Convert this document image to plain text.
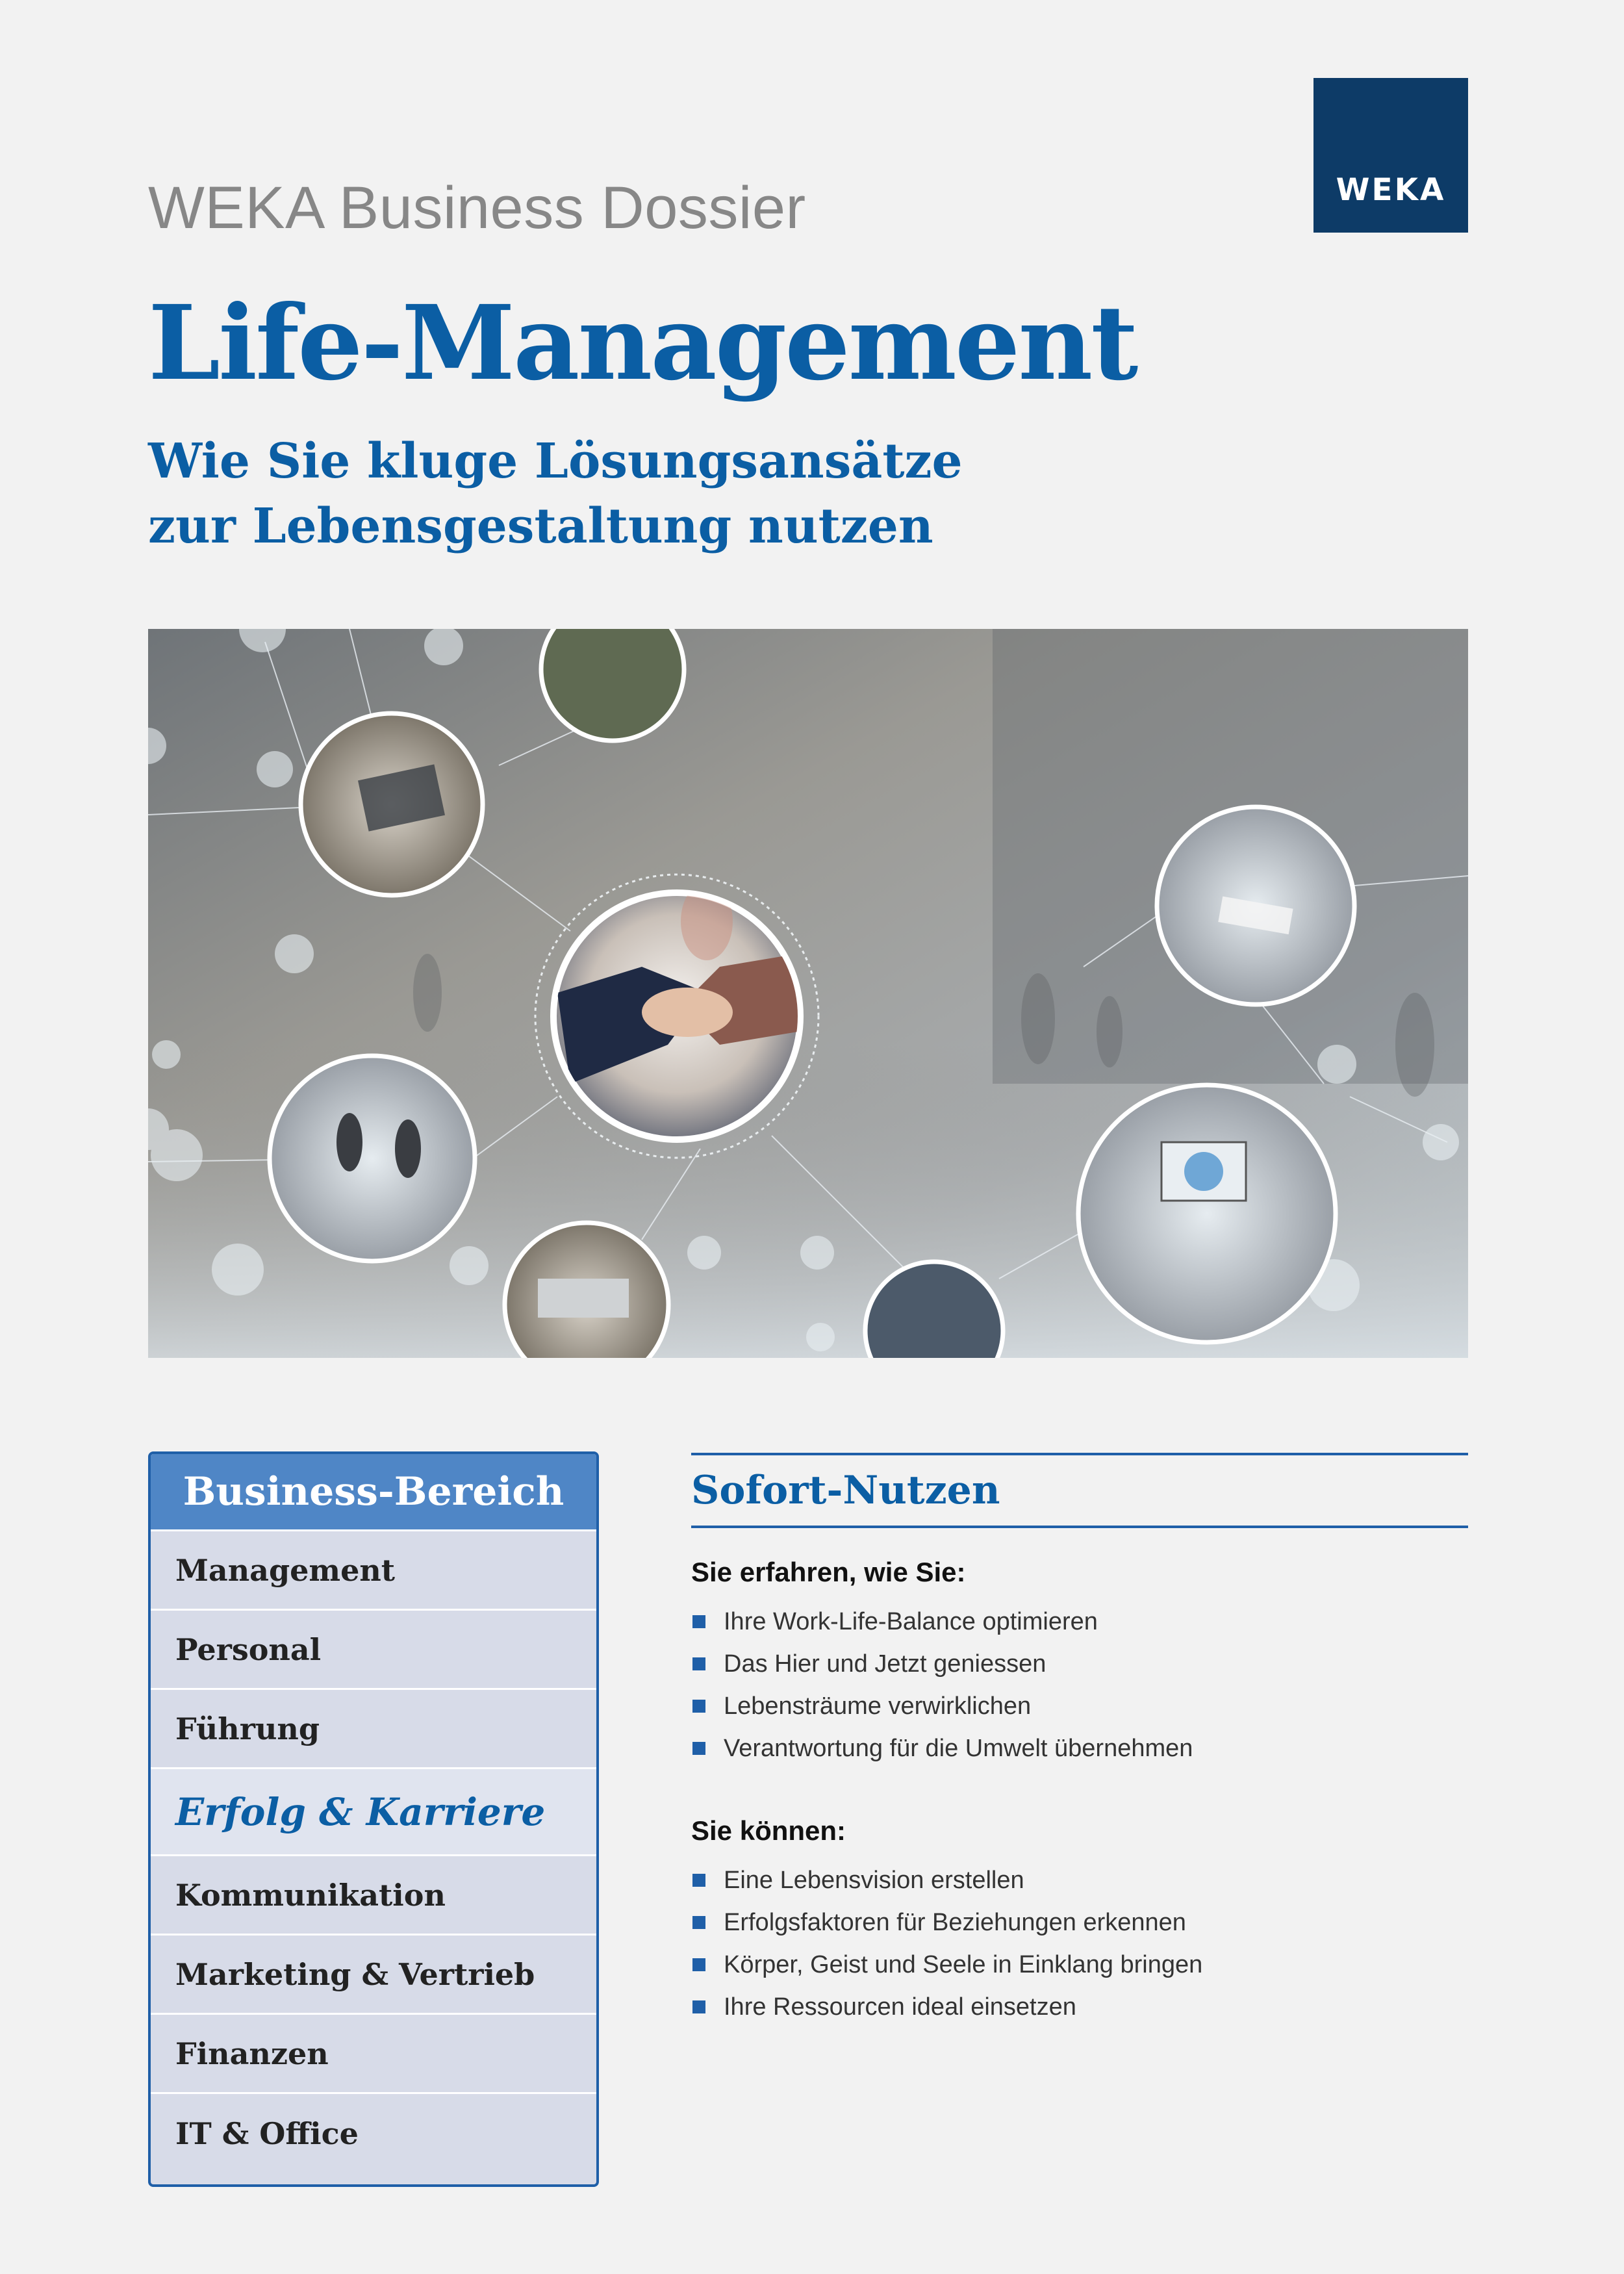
WEKA Business Dossier	WEKA
Life-Management
Wie Sie kluge Lösungsansätze
zur Lebensgestaltung nutzen
Business-Bereich
Management
Personal
Führung
Erfolg & Karriere
Kommunikation
Marketing & Vertrieb
Finanzen
IT & Office
Sofort-Nutzen
Sie erfahren, wie Sie:
Ihre Work-Life-Balance optimieren
Das Hier und Jetzt geniessen
Lebensträume verwirklichen
Verantwortung für die Umwelt übernehmen
Sie können:
Eine Lebensvision erstellen
Erfolgsfaktoren für Beziehungen erkennen
Körper, Geist und Seele in Einklang bringen
Ihre Ressourcen ideal einsetzen
